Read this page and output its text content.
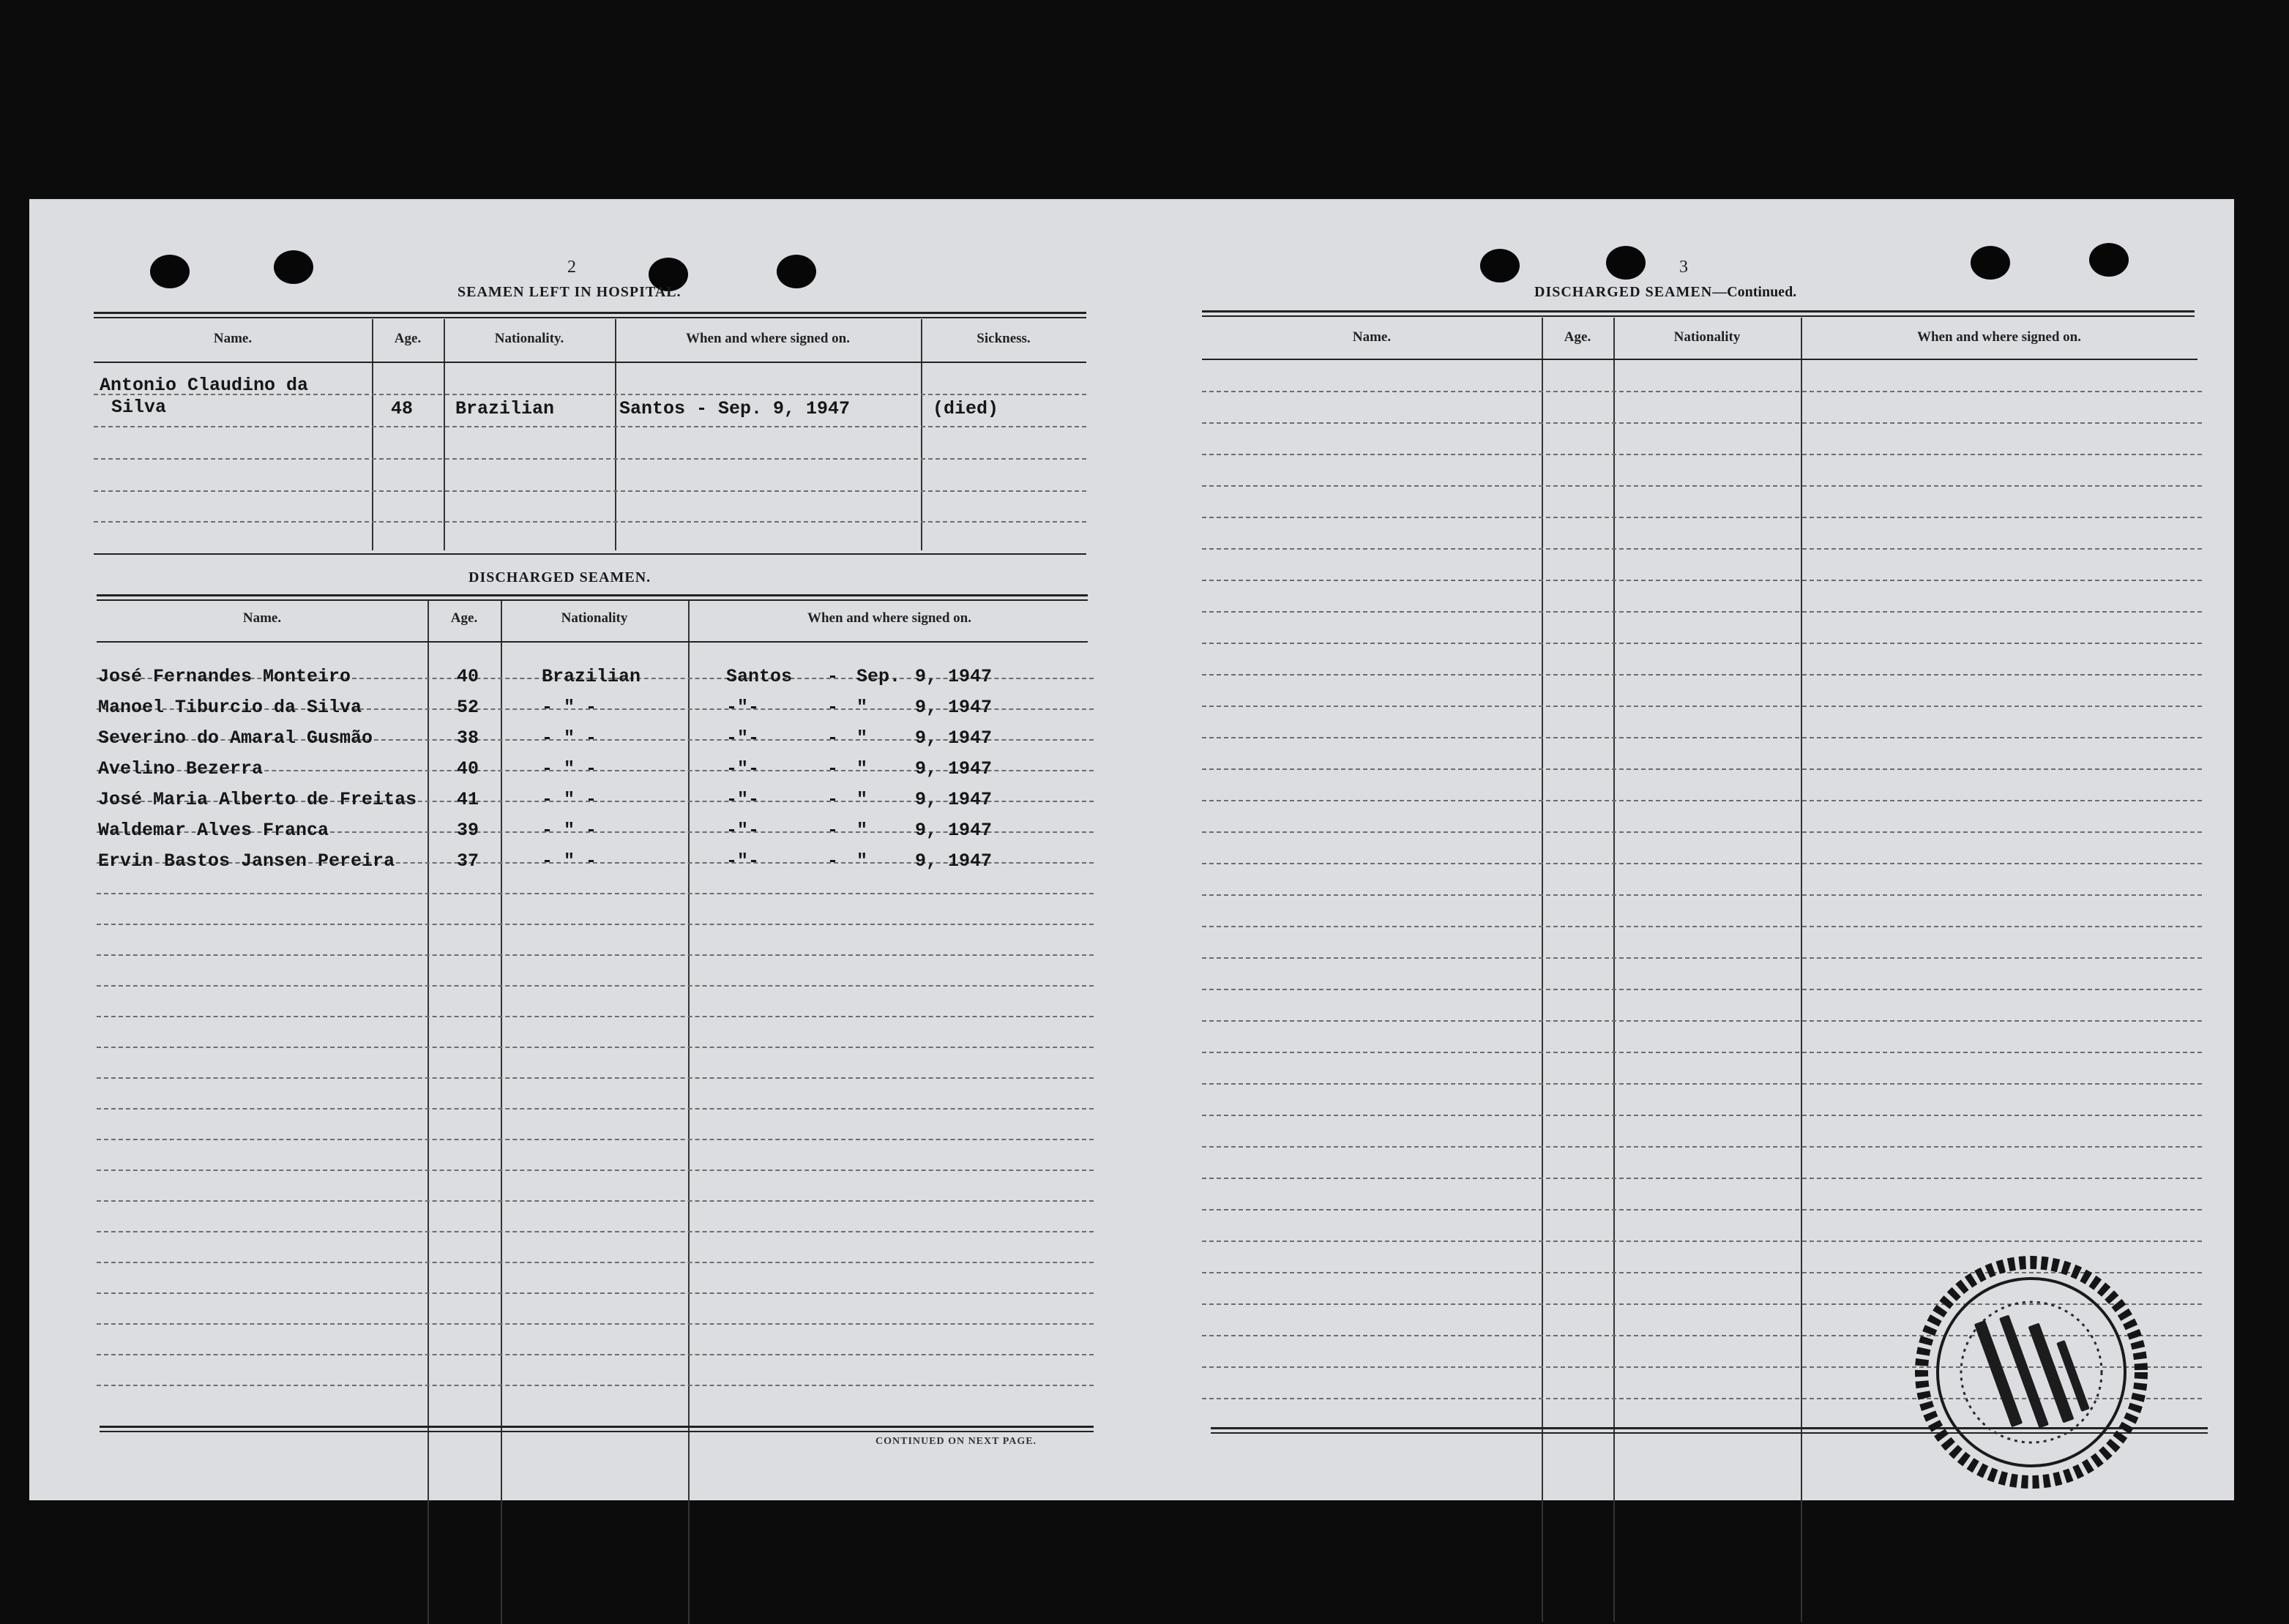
2
SEAMEN LEFT IN HOSPITAL.
Name.	Age.	Nationality.	When and where signed on.	Sickness.
Antonio Claudino da
Silva	48 Brazilian	Santos - Sep. 9, 1947	(died)
DISCHARGED SEAMEN.
Name.	Age.	Nationality	When and where signed on.
José Fernandes Monteiro	40	Brazilian	Santos - Sep. 9, 1947
Manoel Tiburcio da Silva	52	- " -	-"-	- "	9, 1947
Severino do Amaral Gusmão	38	- " -	-"-	- "	9, 1947
Avelino Bezerra	40	- " -	-"-	- "	9, 1947
José Maria Alberto de Freitas 41	- " -	-"-	- "	9, 1947
Waldemar Alves Franca	39	- " -	-"-	- "	9, 1947
Ervin Bastos Jansen Pereira	37	- " -	-"-	- "	9, 1947
CONTINUED ON NEXT PAGE.
3
DISCHARGED SEAMEN—Continued.
Name.	Age.	Nationality	When and where signed on.
